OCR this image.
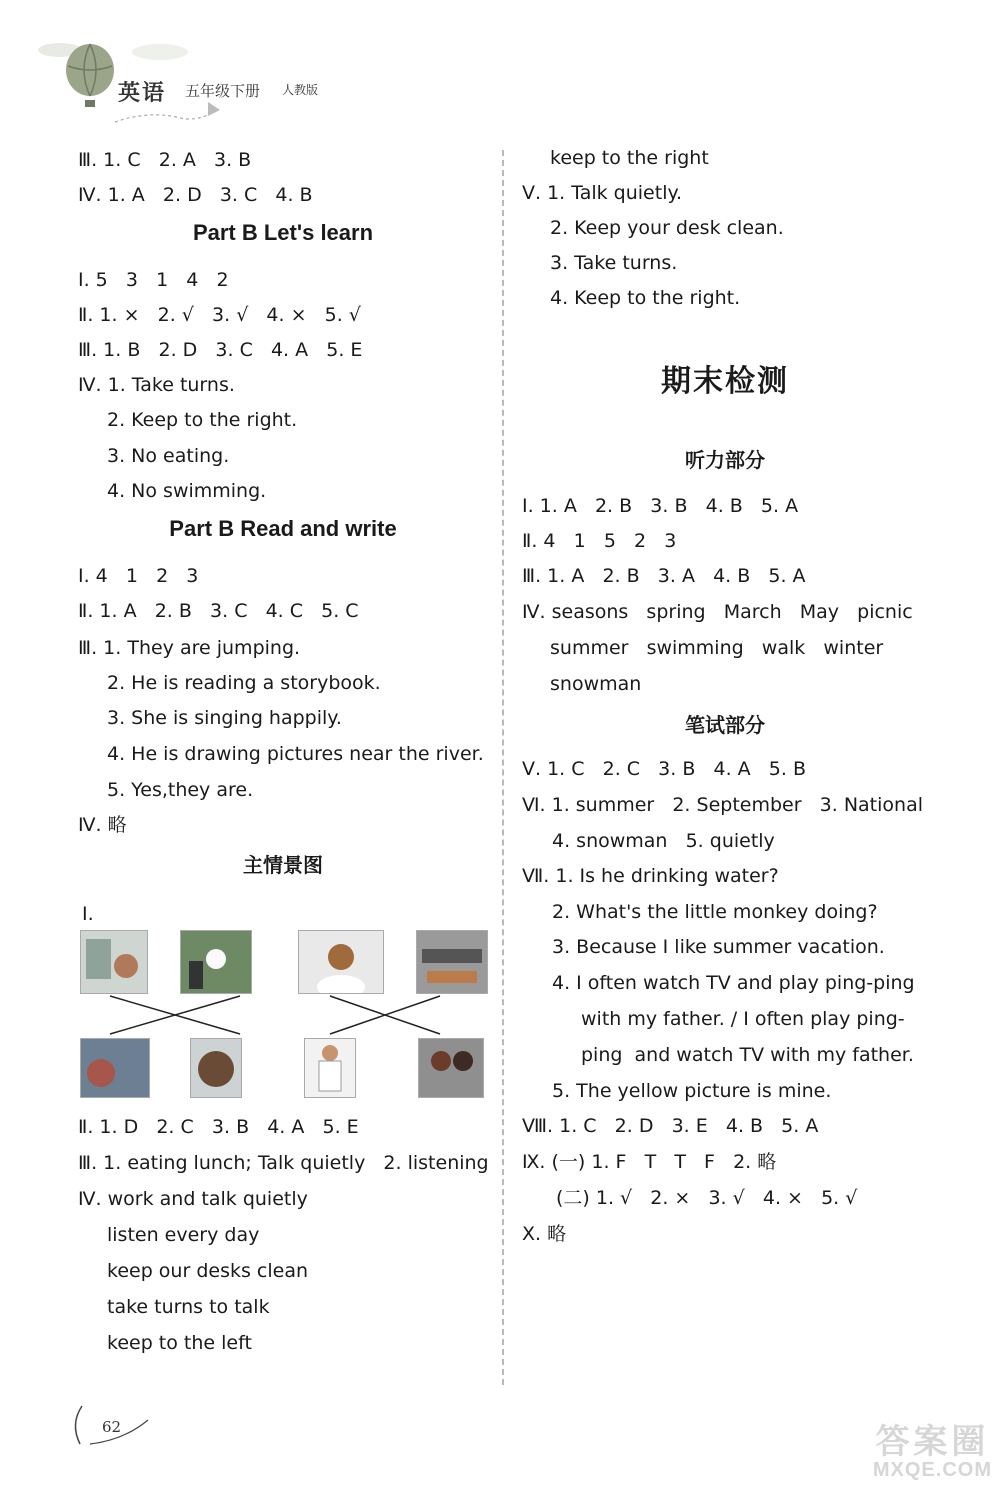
英语 五年级下册 人教版
Ⅲ. 1. C   2. A   3. B
Ⅳ. 1. A   2. D   3. C   4. B
Part B Let's learn
Ⅰ. 5   3   1   4   2
Ⅱ. 1. ×   2. √   3. √   4. ×   5. √
Ⅲ. 1. B   2. D   3. C   4. A   5. E
Ⅳ. 1. Take turns.
2. Keep to the right.
3. No eating.
4. No swimming.
Part B Read and write
Ⅰ. 4   1   2   3
Ⅱ. 1. A   2. B   3. C   4. C   5. C
Ⅲ. 1. They are jumping.
2. He is reading a storybook.
3. She is singing happily.
4. He is drawing pictures near the river.
5. Yes,they are.
Ⅳ. 略
主情景图
Ⅰ.
Ⅱ. 1. D   2. C   3. B   4. A   5. E
Ⅲ. 1. eating lunch; Talk quietly   2. listening
Ⅳ. work and talk quietly
listen every day
keep our desks clean
take turns to talk
keep to the left
keep to the right
Ⅴ. 1. Talk quietly.
2. Keep your desk clean.
3. Take turns.
4. Keep to the right.
期末检测
听力部分
Ⅰ. 1. A   2. B   3. B   4. B   5. A
Ⅱ. 4   1   5   2   3
Ⅲ. 1. A   2. B   3. A   4. B   5. A
Ⅳ. seasons   spring   March   May   picnic
summer   swimming   walk   winter
snowman
笔试部分
Ⅴ. 1. C   2. C   3. B   4. A   5. B
Ⅵ. 1. summer   2. September   3. National
4. snowman   5. quietly
Ⅶ. 1. Is he drinking water?
2. What's the little monkey doing?
3. Because I like summer vacation.
4. I often watch TV and play ping-ping
with my father. / I often play ping-
ping  and watch TV with my father.
5. The yellow picture is mine.
Ⅷ. 1. C   2. D   3. E   4. B   5. A
Ⅸ. (一) 1. F   T   T   F   2. 略
(二) 1. √   2. ×   3. √   4. ×   5. √
Ⅹ. 略
62	答案圈
MXQE.COM
